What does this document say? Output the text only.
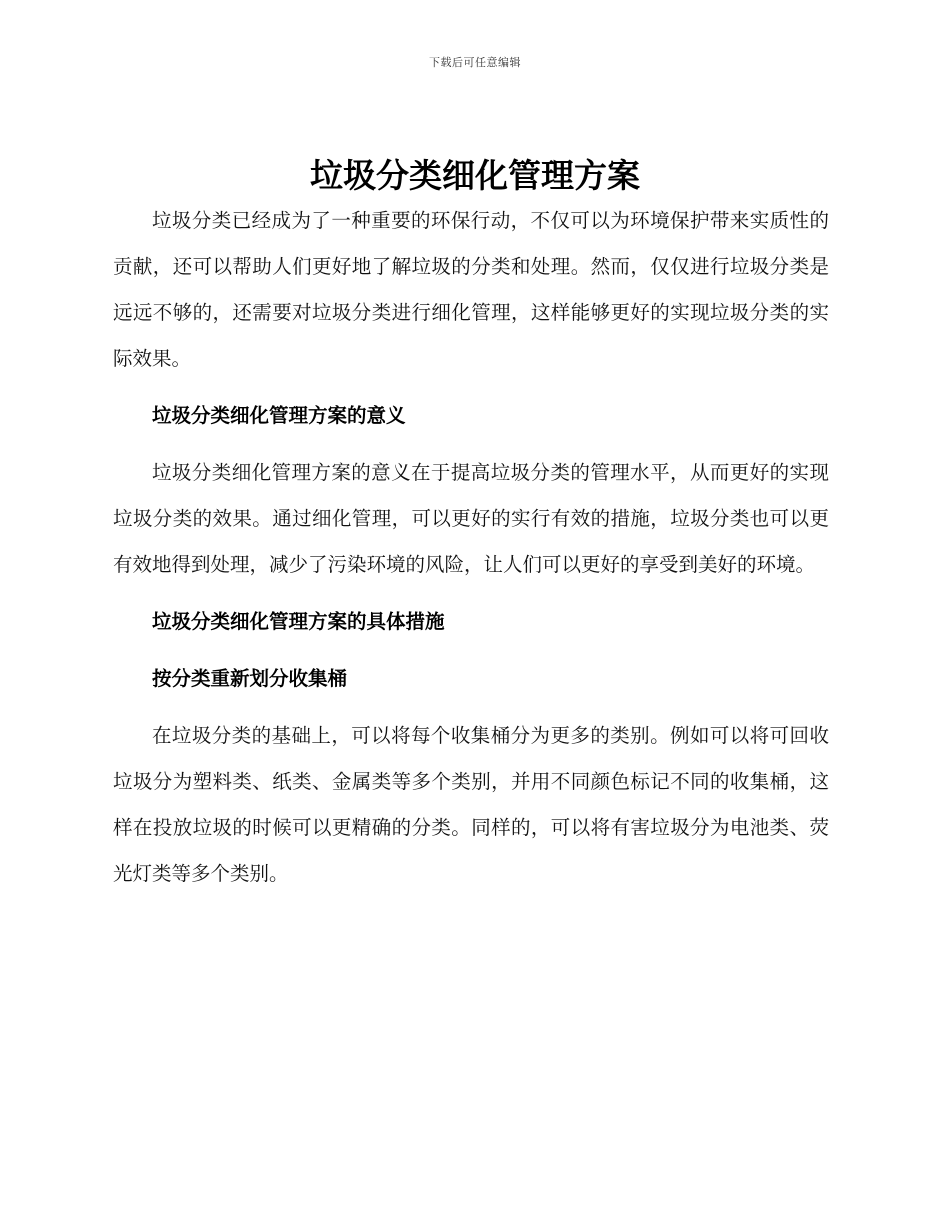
下载后可任意编辑
垃圾分类细化管理方案

垃圾分类已经成为了一种重要的环保行动，不仅可以为环境保护带来实质性的贡献，还可以帮助人们更好地了解垃圾的分类和处理。然而，仅仅进行垃圾分类是远远不够的，还需要对垃圾分类进行细化管理，这样能够更好的实现垃圾分类的实际效果。

垃圾分类细化管理方案的意义

垃圾分类细化管理方案的意义在于提高垃圾分类的管理水平，从而更好的实现垃圾分类的效果。通过细化管理，可以更好的实行有效的措施，垃圾分类也可以更有效地得到处理，减少了污染环境的风险，让人们可以更好的享受到美好的环境。

垃圾分类细化管理方案的具体措施

按分类重新划分收集桶

在垃圾分类的基础上，可以将每个收集桶分为更多的类别。例如可以将可回收垃圾分为塑料类、纸类、金属类等多个类别，并用不同颜色标记不同的收集桶，这样在投放垃圾的时候可以更精确的分类。同样的，可以将有害垃圾分为电池类、荧光灯类等多个类别。
